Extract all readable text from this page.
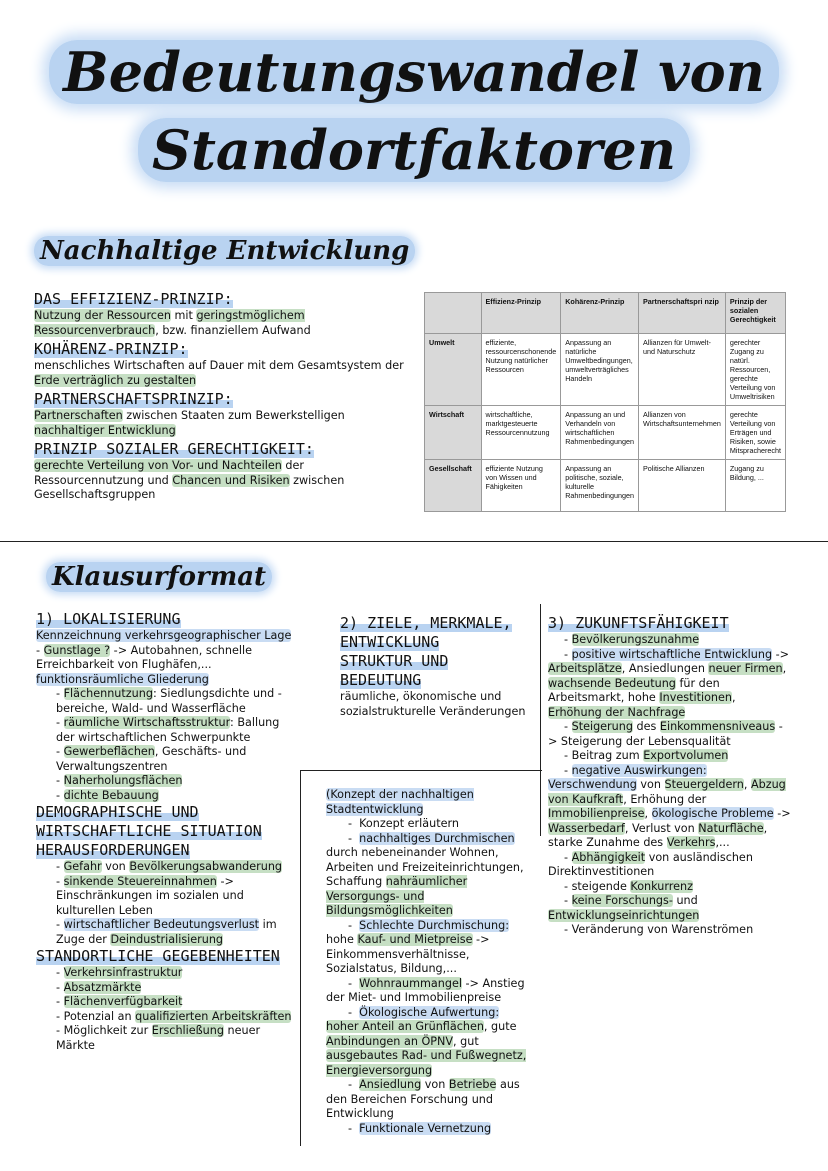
Bedeutungswandel von
Standortfaktoren
Nachhaltige Entwicklung
DAS EFFIZIENZ-PRINZIP:
Nutzung der Ressourcen mit geringstmöglichem Ressourcenverbrauch, bzw. finanziellem Aufwand
KOHÄRENZ-PRINZIP:
menschliches Wirtschaften auf Dauer mit dem Gesamtsystem der Erde verträglich zu gestalten
PARTNERSCHAFTSPRINZIP:
Partnerschaften zwischen Staaten zum Bewerkstelligen nachhaltiger Entwicklung
PRINZIP SOZIALER GERECHTIGKEIT:
gerechte Verteilung von Vor- und Nachteilen der Ressourcennutzung und Chancen und Risiken zwischen Gesellschaftsgruppen
	Effizienz-Prinzip	Kohärenz-Prinzip	Partnerschaftspri nzip	Prinzip der sozialen Gerechtigkeit
Umwelt	effiziente, ressourcenschonende Nutzung natürlicher Ressourcen	Anpassung an natürliche Umweltbedingungen, umweltverträgliches Handeln	Allianzen für Umwelt- und Naturschutz	gerechter Zugang zu natürl. Ressourcen, gerechte Verteilung von Umweltrisiken
Wirtschaft	wirtschaftliche, marktgesteuerte Ressourcennutzung	Anpassung an und Verhandeln von wirtschaftlichen Rahmenbedingungen	Allianzen von Wirtschaftsunternehmen	gerechte Verteilung von Erträgen und Risiken, sowie Mitspracherecht
Gesellschaft	effiziente Nutzung von Wissen und Fähigkeiten	Anpassung an politische, soziale, kulturelle Rahmenbedingungen	Politische Allianzen	Zugang zu Bildung, ...
Klausurformat
1) LOKALISIERUNG
Kennzeichnung verkehrsgeographischer Lage
- Gunstlage ? -> Autobahnen, schnelle Erreichbarkeit von Flughäfen,...
funktionsräumliche Gliederung
- Flächennutzung: Siedlungsdichte und -bereiche, Wald- und Wasserfläche
- räumliche Wirtschaftsstruktur: Ballung der wirtschaftlichen Schwerpunkte
- Gewerbeflächen, Geschäfts- und Verwaltungszentren
- Naherholungsflächen
- dichte Bebauung
DEMOGRAPHISCHE UND WIRTSCHAFTLICHE SITUATION
HERAUSFORDERUNGEN
- Gefahr von Bevölkerungsabwanderung
- sinkende Steuereinnahmen -> Einschränkungen im sozialen und kulturellen Leben
- wirtschaftlicher Bedeutungsverlust im Zuge der Deindustrialisierung
STANDORTLICHE GEGEBENHEITEN
- Verkehrsinfrastruktur
- Absatzmärkte
- Flächenverfügbarkeit
- Potenzial an qualifizierten Arbeitskräften
- Möglichkeit zur Erschließung neuer Märkte
2) ZIELE, MERKMALE, ENTWICKLUNG
STRUKTUR UND BEDEUTUNG
räumliche, ökonomische und sozialstrukturelle Veränderungen
(Konzept der nachhaltigen Stadtentwicklung
-  Konzept erläutern
-  nachhaltiges Durchmischen durch nebeneinander Wohnen, Arbeiten und Freizeiteinrichtungen, Schaffung nahräumlicher Versorgungs- und Bildungsmöglichkeiten
-  Schlechte Durchmischung:
hohe Kauf- und Mietpreise -> Einkommensverhältnisse, Sozialstatus, Bildung,...
-  Wohnraummangel -> Anstieg der Miet- und Immobilienpreise
-  Ökologische Aufwertung:
hoher Anteil an Grünflächen, gute Anbindungen an ÖPNV, gut ausgebautes Rad- und Fußwegnetz, Energieversorgung
-  Ansiedlung von Betriebe aus den Bereichen Forschung und Entwicklung
-  Funktionale Vernetzung
3) ZUKUNFTSFÄHIGKEIT
- Bevölkerungszunahme
- positive wirtschaftliche Entwicklung -> Arbeitsplätze, Ansiedlungen neuer Firmen,
wachsende Bedeutung für den Arbeitsmarkt, hohe Investitionen, Erhöhung der Nachfrage
- Steigerung des Einkommensniveaus -> Steigerung der Lebensqualität
- Beitrag zum Exportvolumen
- negative Auswirkungen: Verschwendung von Steuergeldern, Abzug von Kaufkraft, Erhöhung der Immobilienpreise, ökologische Probleme -> Wasserbedarf, Verlust von Naturfläche, starke Zunahme des Verkehrs,...
- Abhängigkeit von ausländischen Direktinvestitionen
- steigende Konkurrenz
- keine Forschungs- und Entwicklungseinrichtungen
- Veränderung von Warenströmen
